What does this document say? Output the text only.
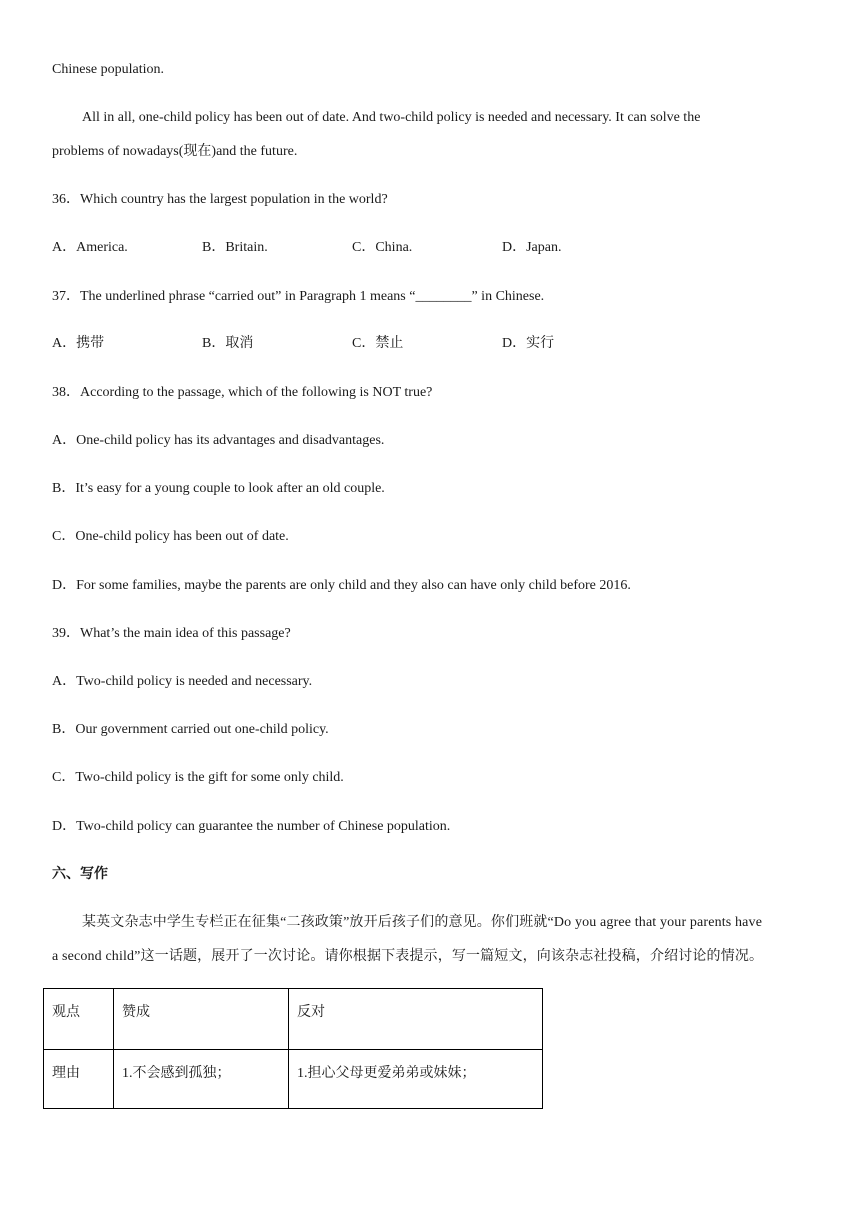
Chinese population.
All in all, one-child policy has been out of date. And two-child policy is needed and necessary. It can solve the
problems of nowadays(现在)and the future.
36．Which country has the largest population in the world?
A．America.	B．Britain.	C．China.	D．Japan.
37．The underlined phrase “carried out” in Paragraph 1 means “________” in Chinese.
A．携带	B．取消	C．禁止	D．实行
38．According to the passage, which of the following is NOT true?
A．One-child policy has its advantages and disadvantages.
B．It’s easy for a young couple to look after an old couple.
C．One-child policy has been out of date.
D．For some families, maybe the parents are only child and they also can have only child before 2016.
39．What’s the main idea of this passage?
A．Two-child policy is needed and necessary.
B．Our government carried out one-child policy.
C．Two-child policy is the gift for some only child.
D．Two-child policy can guarantee the number of Chinese population.
六、写作
某英文杂志中学生专栏正在征集“二孩政策”放开后孩子们的意见。你们班就“Do you agree that your parents have
a second child”这一话题，展开了一次讨论。请你根据下表提示，写一篇短文，向该杂志社投稿，介绍讨论的情况。
观点	赞成	反对
理由	1.不会感到孤独；	1.担心父母更爱弟弟或妹妹；
